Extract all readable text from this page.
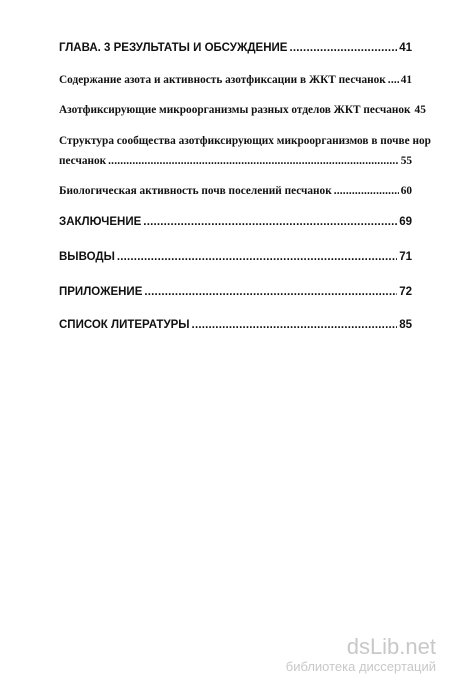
ГЛАВА. 3 РЕЗУЛЬТАТЫ И ОБСУЖДЕНИЕ .....	41
Содержание азота и активность азотфиксации в ЖКТ песчанок ..... 41
Азотфиксирующие микроорганизмы разных отделов ЖКТ песчанок 45
Структура сообщества азотфиксирующих микроорганизмов в почве нор
песчанок .....	55
Биологическая активность почв поселений песчанок .....	60
ЗАКЛЮЧЕНИЕ .....	69
ВЫВОДЫ .....	71
ПРИЛОЖЕНИЕ .....	72
СПИСОК ЛИТЕРАТУРЫ .....	85
dsLib.net
библиотека диссертаций
